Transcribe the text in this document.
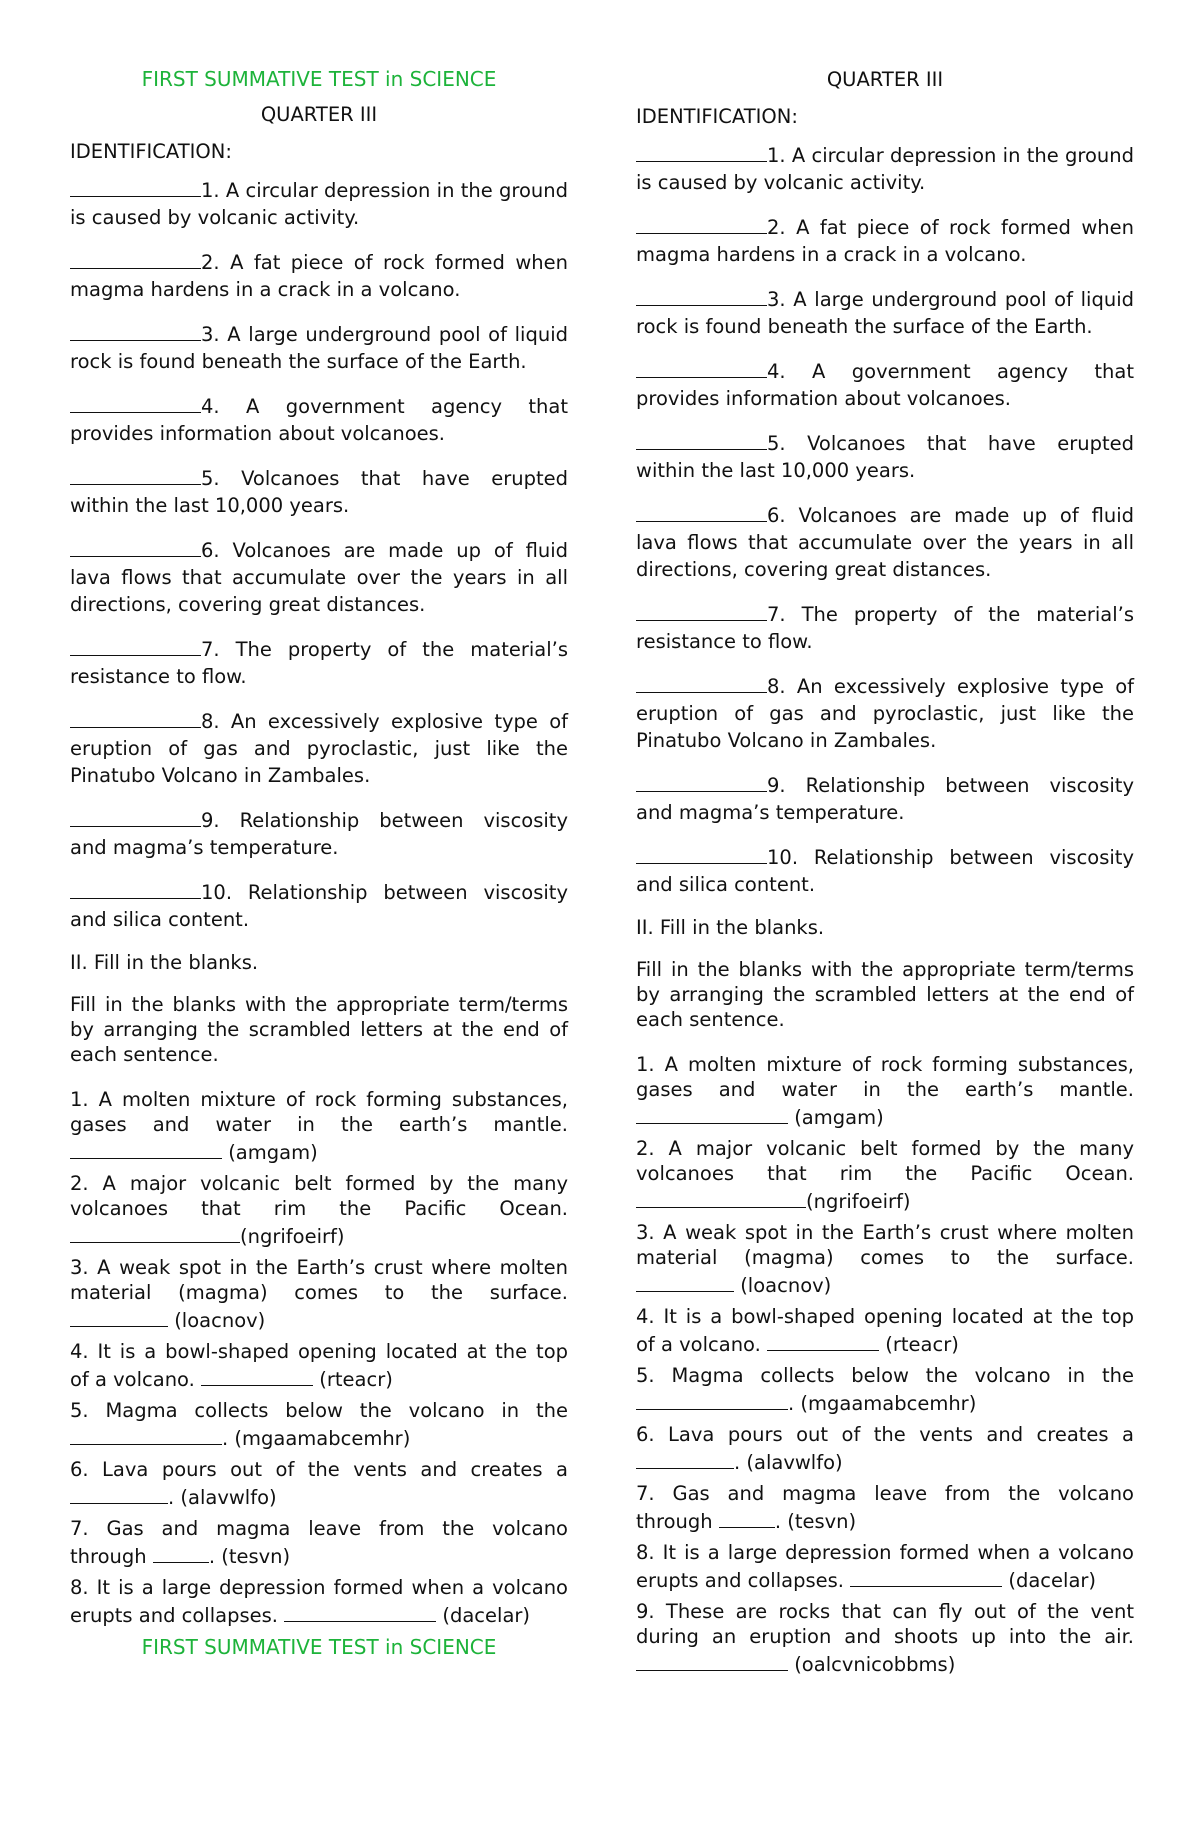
FIRST SUMMATIVE TEST in SCIENCE
QUARTER III
IDENTIFICATION:
1. A circular depression in the ground is caused by volcanic activity.
2. A fat piece of rock formed when magma hardens in a crack in a volcano.
3. A large underground pool of liquid rock is found beneath the surface of the Earth.
4. A government agency that provides information about volcanoes.
5. Volcanoes that have erupted within the last 10,000 years.
6. Volcanoes are made up of fluid lava flows that accumulate over the years in all directions, covering great distances.
7. The property of the material’s resistance to flow.
8. An excessively explosive type of eruption of gas and pyroclastic, just like the Pinatubo Volcano in Zambales.
9. Relationship between viscosity and magma’s temperature.
10. Relationship between viscosity and silica content.
II. Fill in the blanks.
Fill in the blanks with the appropriate term/terms by arranging the scrambled letters at the end of each sentence.
1. A molten mixture of rock forming substances, gases and water in the earth’s mantle.  (amgam)
2. A major volcanic belt formed by the many volcanoes that rim the Pacific Ocean. (ngrifoeirf)
3. A weak spot in the Earth’s crust where molten material (magma) comes to the surface.  (loacnov)
4. It is a bowl-shaped opening located at the top of a volcano.	(rteacr)
5. Magma collects below the volcano in the . (mgaamabcemhr)
6. Lava pours out of the vents and creates a . (alavwlfo)
7. Gas and magma leave from the volcano through	. (tesvn)
8. It is a large depression formed when a volcano erupts and collapses.	(dacelar)
FIRST SUMMATIVE TEST in SCIENCE
QUARTER III
IDENTIFICATION:
1. A circular depression in the ground is caused by volcanic activity.
2. A fat piece of rock formed when magma hardens in a crack in a volcano.
3. A large underground pool of liquid rock is found beneath the surface of the Earth.
4. A government agency that provides information about volcanoes.
5. Volcanoes that have erupted within the last 10,000 years.
6. Volcanoes are made up of fluid lava flows that accumulate over the years in all directions, covering great distances.
7. The property of the material’s resistance to flow.
8. An excessively explosive type of eruption of gas and pyroclastic, just like the Pinatubo Volcano in Zambales.
9. Relationship between viscosity and magma’s temperature.
10. Relationship between viscosity and silica content.
II. Fill in the blanks.
Fill in the blanks with the appropriate term/terms by arranging the scrambled letters at the end of each sentence.
1. A molten mixture of rock forming substances, gases and water in the earth’s mantle.  (amgam)
2. A major volcanic belt formed by the many volcanoes that rim the Pacific Ocean. (ngrifoeirf)
3. A weak spot in the Earth’s crust where molten material (magma) comes to the surface.  (loacnov)
4. It is a bowl-shaped opening located at the top of a volcano.	(rteacr)
5. Magma collects below the volcano in the . (mgaamabcemhr)
6. Lava pours out of the vents and creates a . (alavwlfo)
7. Gas and magma leave from the volcano through	. (tesvn)
8. It is a large depression formed when a volcano erupts and collapses.	(dacelar)
9. These are rocks that can fly out of the vent during an eruption and shoots up into the air.  (oalcvnicobbms)
